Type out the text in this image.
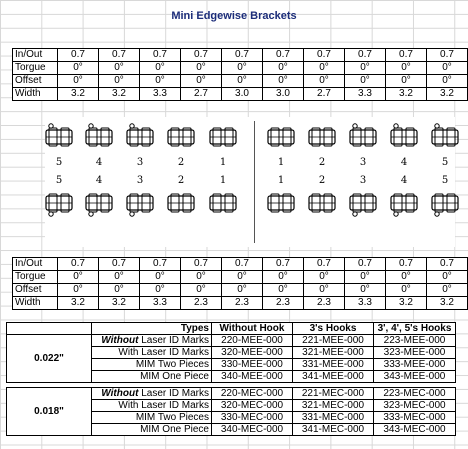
Mini Edgewise Brackets
In/Out	0.7	0.7	0.7	0.7	0.7	0.7	0.7	0.7	0.7	0.7
Torgue	0°	0°	0°	0°	0°	0°	0°	0°	0°	0°
Offset	0°	0°	0°	0°	0°	0°	0°	0°	0°	0°
Width	3.2	3.2	3.3	2.7	3.0	3.0	2.7	3.3	3.2	3.2
5	4	3	2	1	1	2	3	4	5
5	4	3	2	1	1	2	3	4	5
In/Out	0.7	0.7	0.7	0.7	0.7	0.7	0.7	0.7	0.7	0.7
Torgue	0°	0°	0°	0°	0°	0°	0°	0°	0°	0°
Offset	0°	0°	0°	0°	0°	0°	0°	0°	0°	0°
Width	3.2	3.2	3.3	2.3	2.3	2.3	2.3	3.3	3.2	3.2
	Types	Without Hook	3's Hooks	3', 4', 5's Hooks
0.022"	Without Laser ID Marks	220-MEE-000	221-MEE-000	223-MEE-000
	With Laser ID Marks	320-MEE-000	321-MEE-000	323-MEE-000
	MIM Two Pieces	330-MEE-000	331-MEE-000	333-MEE-000
	MIM One Piece	340-MEE-000	341-MEE-000	343-MEE-000

0.018"	Without Laser ID Marks	220-MEC-000	221-MEC-000	223-MEC-000
	With Laser ID Marks	320-MEC-000	321-MEC-000	323-MEC-000
	MIM Two Pieces	330-MEC-000	331-MEC-000	333-MEC-000
	MIM One Piece	340-MEC-000	341-MEC-000	343-MEC-000
